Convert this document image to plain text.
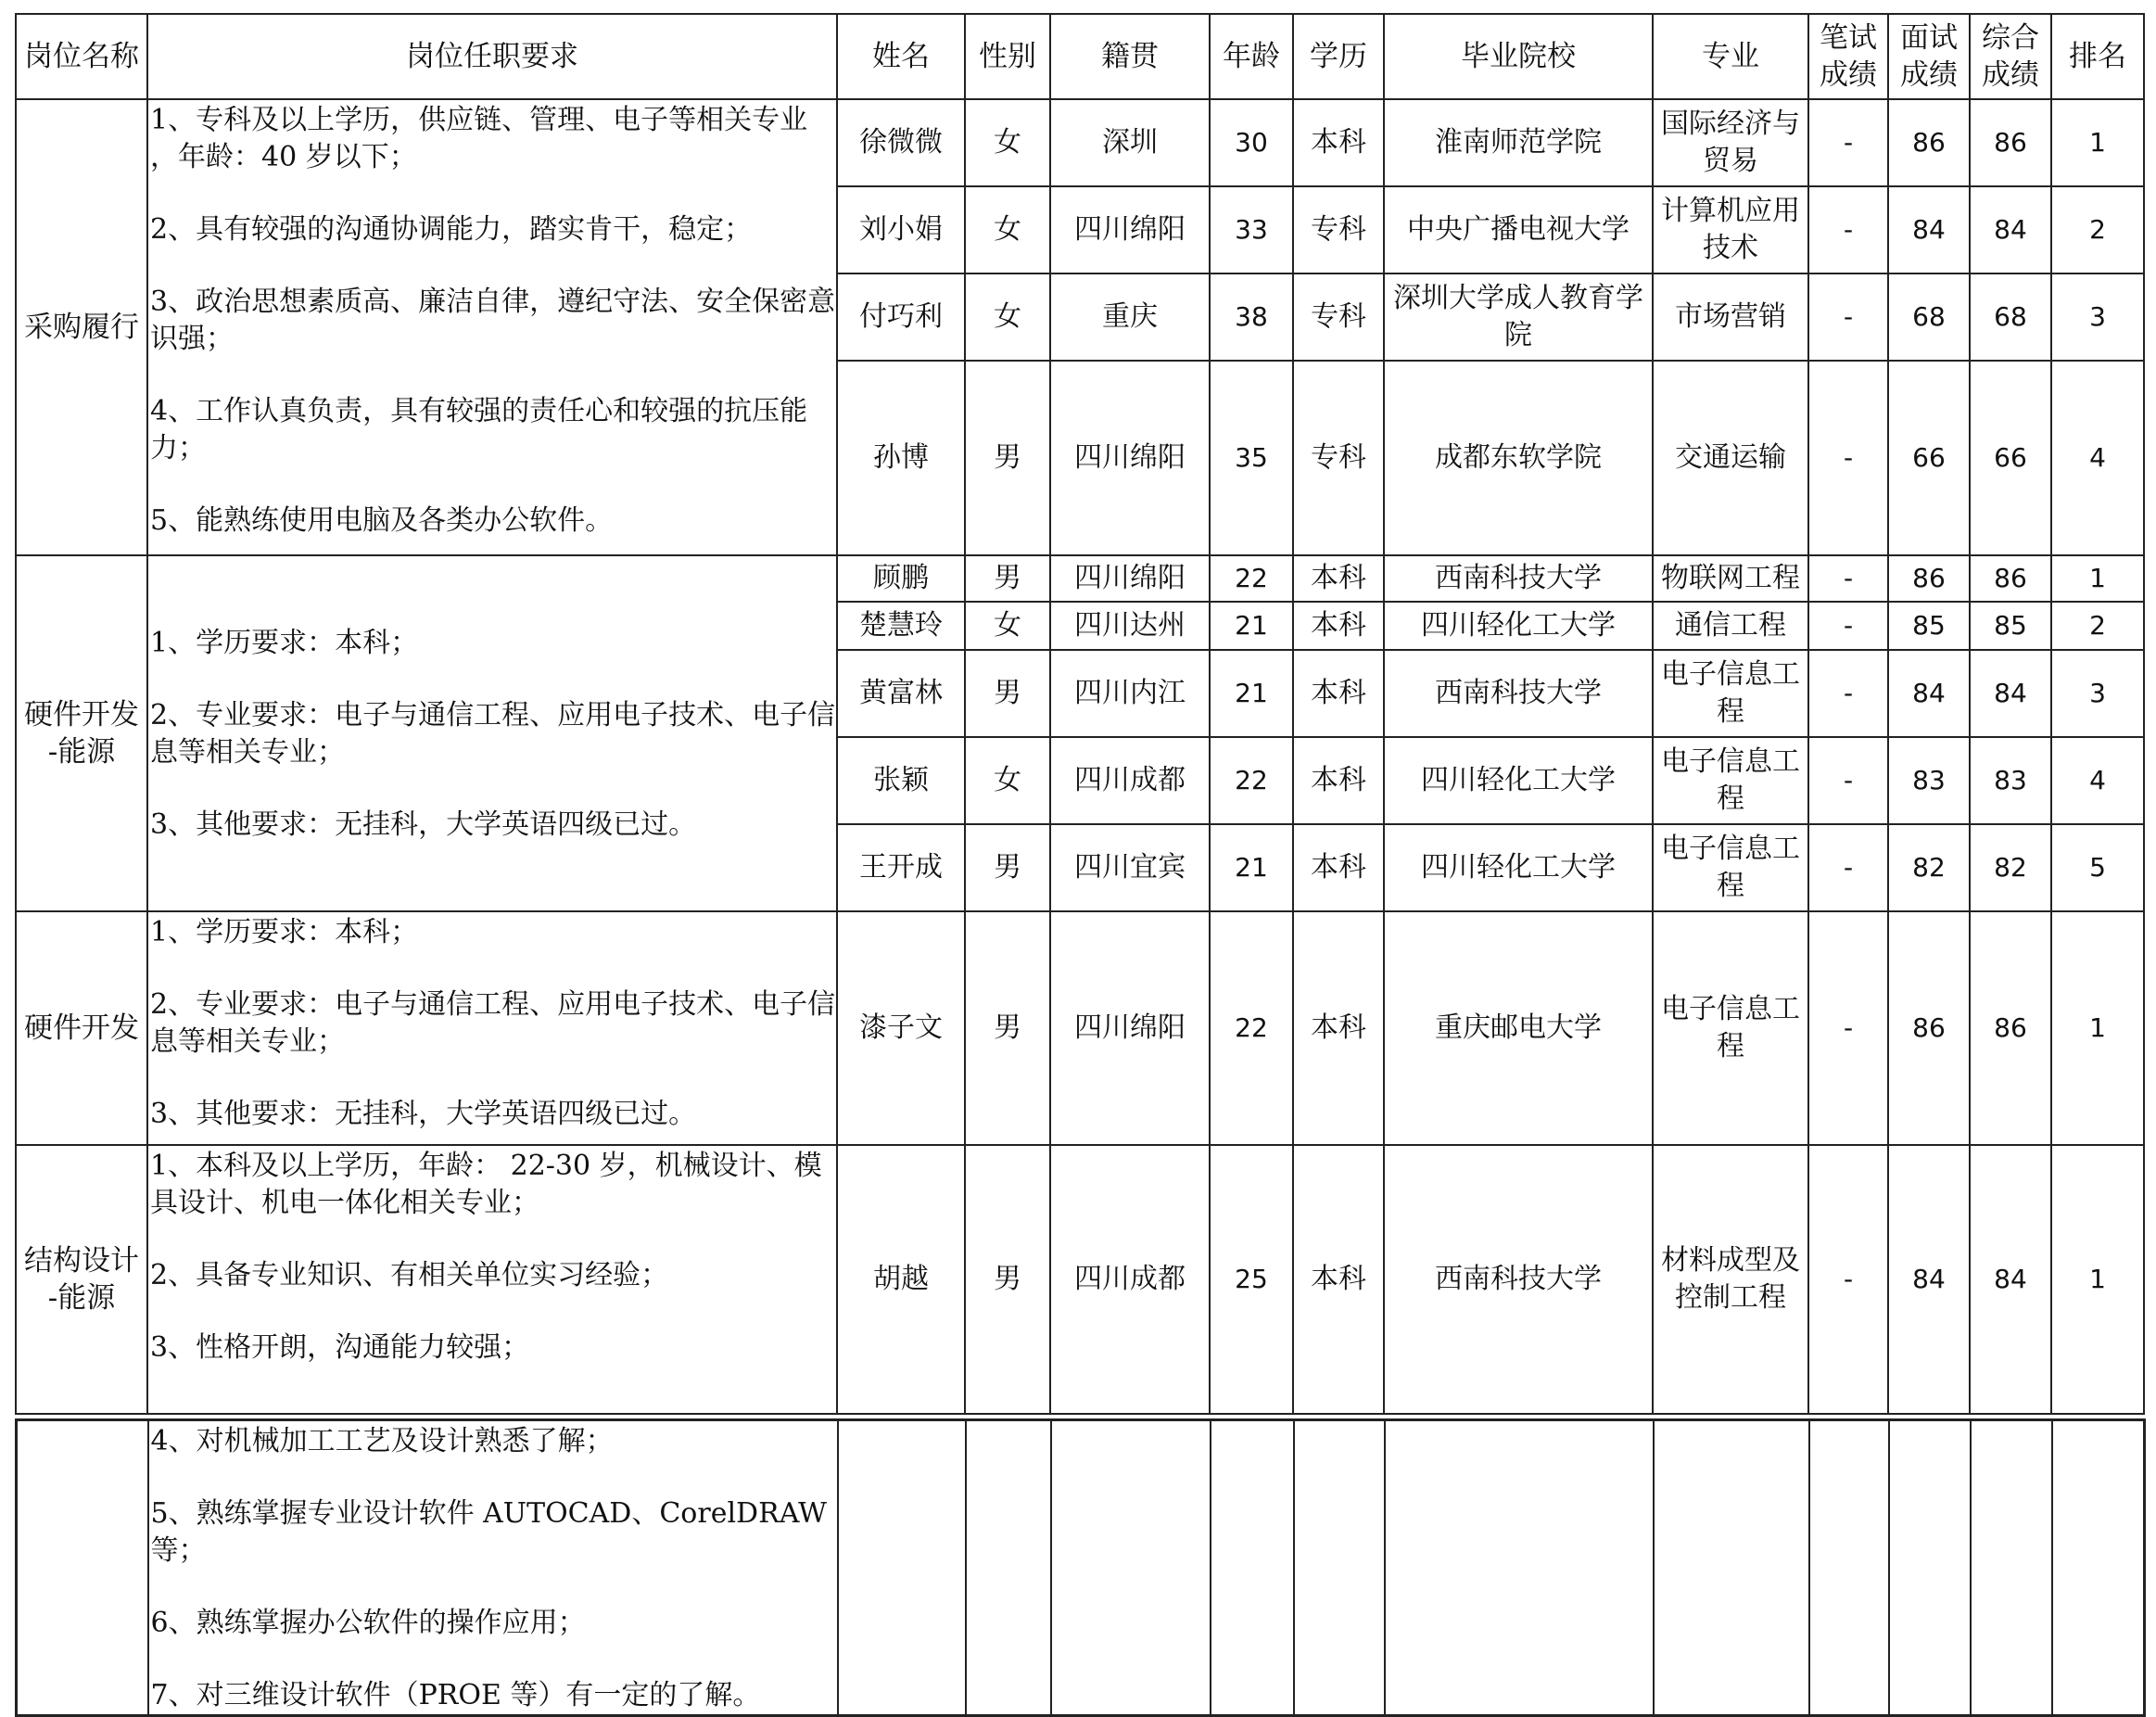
岗位名称	岗位任职要求	姓名	性别	籍贯	年龄	学历	毕业院校	专业	笔试成绩	面试成绩	综合成绩	排名

采购履行	1、专科及以上学历，供应链、管理、电子等相关专业 ，年龄：40 岁以下；
2、具有较强的沟通协调能力，踏实肯干，稳定；
3、政治思想素质高、廉洁自律，遵纪守法、安全保密意识强；
4、工作认真负责，具有较强的责任心和较强的抗压能力；
5、能熟练使用电脑及各类办公软件。	徐微微	女	深圳	30	本科	淮南师范学院	国际经济与贸易	-	86	86	1
		刘小娟	女	四川绵阳	33	专科	中央广播电视大学	计算机应用技术	-	84	84	2
		付巧利	女	重庆	38	专科	深圳大学成人教育学院	市场营销	-	68	68	3
		孙博	男	四川绵阳	35	专科	成都东软学院	交通运输	-	66	66	4

硬件开发
-能源	1、学历要求：本科；
2、专业要求：电子与通信工程、应用电子技术、电子信息等相关专业；
3、其他要求：无挂科，大学英语四级已过。	顾鹏	男	四川绵阳	22	本科	西南科技大学	物联网工程	-	86	86	1
		楚慧玲	女	四川达州	21	本科	四川轻化工大学	通信工程	-	85	85	2
		黄富林	男	四川内江	21	本科	西南科技大学	电子信息工程	-	84	84	3
		张颖	女	四川成都	22	本科	四川轻化工大学	电子信息工程	-	83	83	4
		王开成	男	四川宜宾	21	本科	四川轻化工大学	电子信息工程	-	82	82	5

硬件开发	1、学历要求：本科；
2、专业要求：电子与通信工程、应用电子技术、电子信息等相关专业；
3、其他要求：无挂科，大学英语四级已过。	漆子文	男	四川绵阳	22	本科	重庆邮电大学	电子信息工程	-	86	86	1

结构设计
-能源	1、本科及以上学历，年龄： 22-30 岁，机械设计、模具设计、机电一体化相关专业；
2、具备专业知识、有相关单位实习经验；
3、性格开朗，沟通能力较强；	胡越	男	四川成都	25	本科	西南科技大学	材料成型及控制工程	-	84	84	1

4、对机械加工工艺及设计熟悉了解；
5、熟练掌握专业设计软件 AUTOCAD、CorelDRAW 等；
6、熟练掌握办公软件的操作应用；
7、对三维设计软件（PROE 等）有一定的了解。
